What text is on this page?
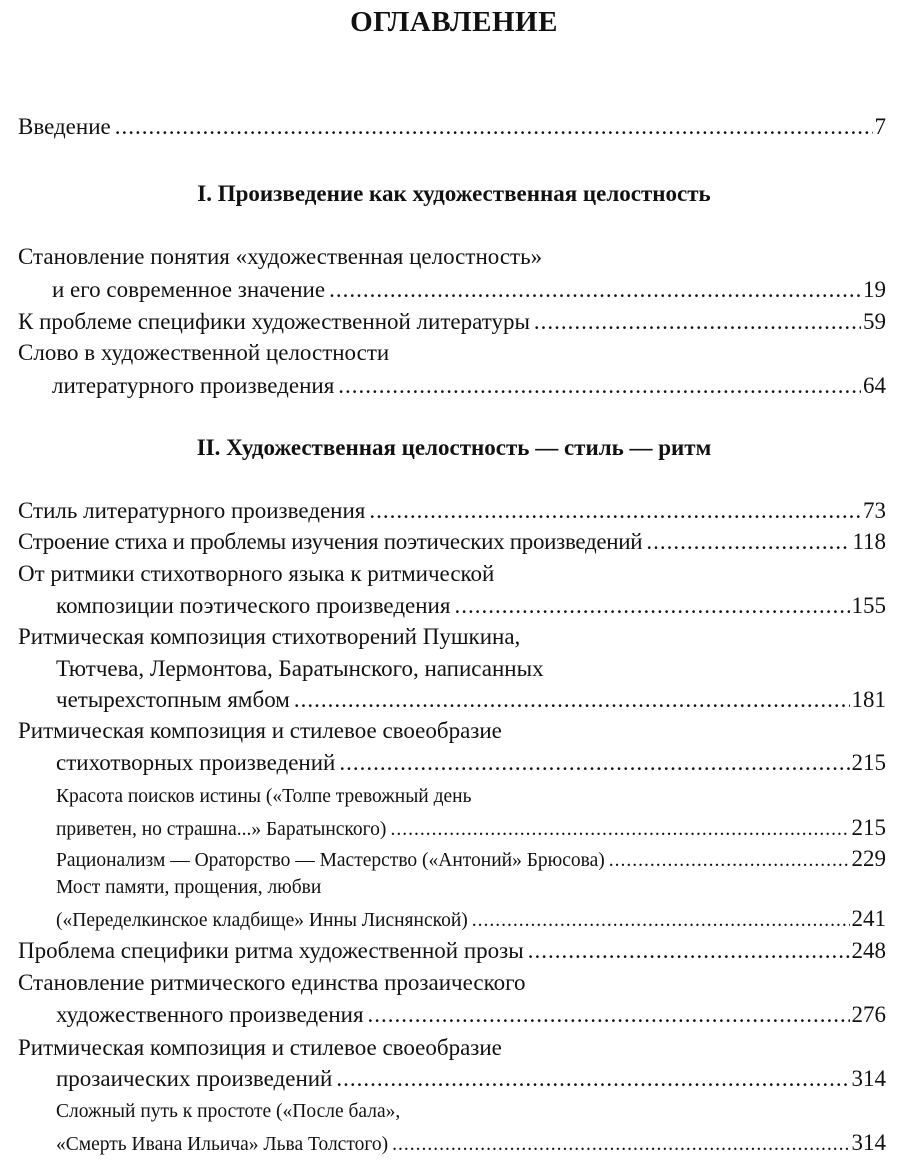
ОГЛАВЛЕНИЕ
Введение .....	7
I. Произведение как художественная целостность
Становление понятия «художественная целостность»
и его современное значение .....	19
К проблеме специфики художественной литературы .....	59
Слово в художественной целостности
литературного произведения .....	64
II. Художественная целостность — стиль — ритм
Стиль литературного произведения .....	73
Строение стиха и проблемы изучения поэтических произведений .....	118
От ритмики стихотворного языка к ритмической
композиции поэтического произведения .....	155
Ритмическая композиция стихотворений Пушкина,
Тютчева, Лермонтова, Баратынского, написанных
четырехстопным ямбом .....	181
Ритмическая композиция и стилевое своеобразие
стихотворных произведений .....	215
Красота поисков истины («Толпе тревожный день
приветен, но страшна...» Баратынского) .....	215
Рационализм — Ораторство — Мастерство («Антоний» Брюсова) .....	229
Мост памяти, прощения, любви
(«Переделкинское кладбище» Инны Лиснянской) .....	241
Проблема специфики ритма художественной прозы .....	248
Становление ритмического единства прозаического
художественного произведения .....	276
Ритмическая композиция и стилевое своеобразие
прозаических произведений .....	314
Сложный путь к простоте («После бала»,
«Смерть Ивана Ильича» Льва Толстого) .....	314
